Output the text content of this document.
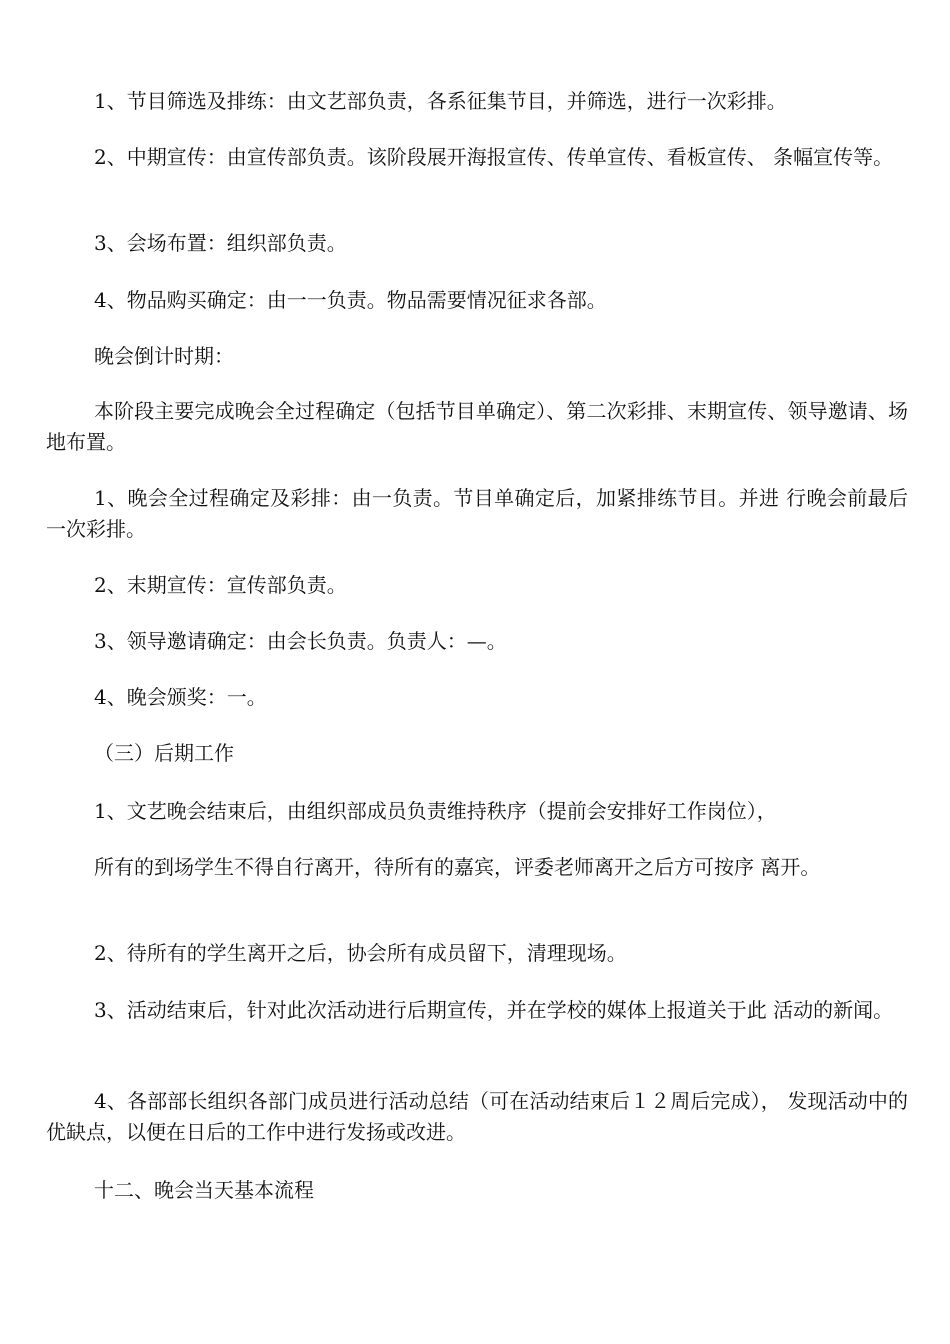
1、节目筛选及排练：由文艺部负责，各系征集节目，并筛选，进行一次彩排。

2、中期宣传：由宣传部负责。该阶段展开海报宣传、传单宣传、看板宣传、 条幅宣传等。

3、会场布置：组织部负责。

4、物品购买确定：由一一负责。物品需要情况征求各部。

晚会倒计时期：

本阶段主要完成晚会全过程确定（包括节目单确定）、第二次彩排、末期宣传、领导邀请、场地布置。

1、晚会全过程确定及彩排：由一负责。节目单确定后，加紧排练节目。并进 行晚会前最后一次彩排。

2、末期宣传：宣传部负责。

3、领导邀请确定：由会长负责。负责人：—。

4、晚会颁奖：一。

（三）后期工作

1、文艺晚会结束后，由组织部成员负责维持秩序（提前会安排好工作岗位），

所有的到场学生不得自行离开，待所有的嘉宾，评委老师离开之后方可按序 离开。

2、待所有的学生离开之后，协会所有成员留下，清理现场。

3、活动结束后，针对此次活动进行后期宣传，并在学校的媒体上报道关于此 活动的新闻。

4、各部部长组织各部门成员进行活动总结（可在活动结束后１２周后完成）， 发现活动中的优缺点，以便在日后的工作中进行发扬或改进。

十二、晚会当天基本流程
